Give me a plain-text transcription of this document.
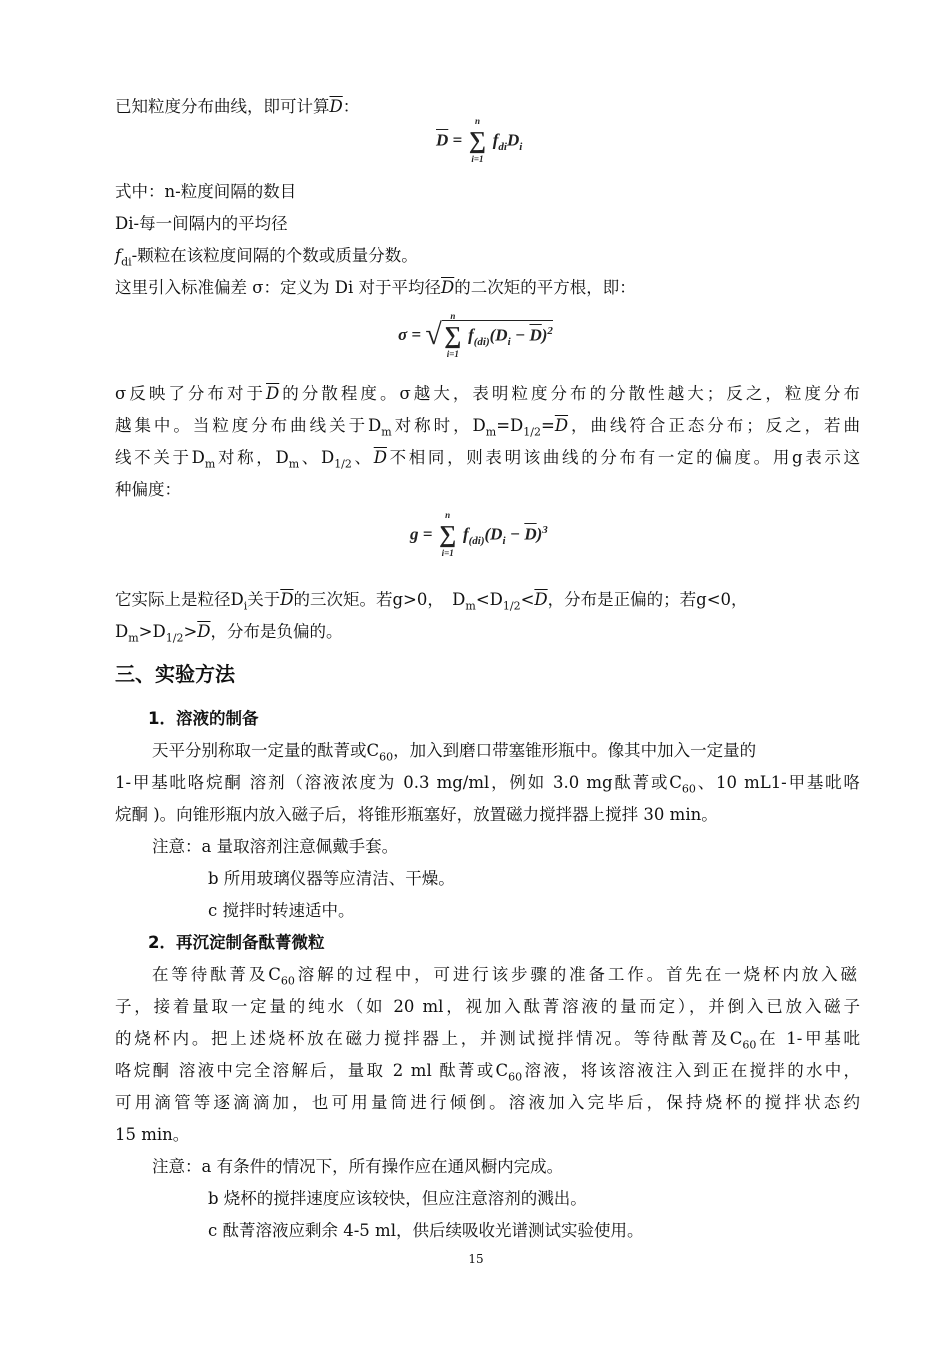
已知粒度分布曲线，即可计算$\overline{D}$：
$\overline{D}$ =
n
∑
i=1
$f_{di}D_i$
式中：n-粒度间隔的数目
Di-每一间隔内的平均径
$f_{di}-$颗粒在该粒度间隔的个数或质量分数。
这里引入标准偏差 σ：定义为 Di 对于平均径$\overline{D}$的二次矩的平方根，即：
σ = √
n
∑
i=1
$f_{(di)}(D_i - \overline{D})^2$
σ反映了分布对于$\overline{D}$的分散程度。σ越大，表明粒度分布的分散性越大；反之，粒度分布
越集中。当粒度分布曲线关于$D_m$对称时，$D_m=D_{1/2}=\overline{D}$，曲线符合正态分布；反之，若曲
线不关于$D_m$对称，$D_m$、$D_{1/2}$、$\overline{D}$不相同，则表明该曲线的分布有一定的偏度。用g表示这
种偏度：
g =
n
∑
i=1
$f_{(di)}(D_i - \overline{D})^3$
它实际上是粒径$D_i$关于$\overline{D}$的三次矩。若g>0，　$D_m<D_{1/2}<\overline{D}$，分布是正偏的；若g<0，
$D_m>D_{1/2}>\overline{D}$，分布是负偏的。
三、实验方法
1．溶液的制备
天平分别称取一定量的酞菁或$C_{60}$，加入到磨口带塞锥形瓶中。像其中加入一定量的
1-甲基吡咯烷酮 溶剂（溶液浓度为 0.3 mg/ml，例如 3.0 mg酞菁或$C_{60}$、10 mL1-甲基吡咯
烷酮 )。向锥形瓶内放入磁子后，将锥形瓶塞好，放置磁力搅拌器上搅拌 30 min。
注意：a 量取溶剂注意佩戴手套。
b 所用玻璃仪器等应清洁、干燥。
c 搅拌时转速适中。
2．再沉淀制备酞菁微粒
在等待酞菁及$C_{60}$溶解的过程中，可进行该步骤的准备工作。首先在一烧杯内放入磁
子，接着量取一定量的纯水（如 20 ml，视加入酞菁溶液的量而定），并倒入已放入磁子
的烧杯内。把上述烧杯放在磁力搅拌器上，并测试搅拌情况。等待酞菁及$C_{60}$在 1-甲基吡
咯烷酮 溶液中完全溶解后，量取 2 ml 酞菁或$C_{60}$溶液，将该溶液注入到正在搅拌的水中，
可用滴管等逐滴滴加，也可用量筒进行倾倒。溶液加入完毕后，保持烧杯的搅拌状态约
15 min。
注意：a 有条件的情况下，所有操作应在通风橱内完成。
b 烧杯的搅拌速度应该较快，但应注意溶剂的溅出。
c 酞菁溶液应剩余 4-5 ml，供后续吸收光谱测试实验使用。
15
